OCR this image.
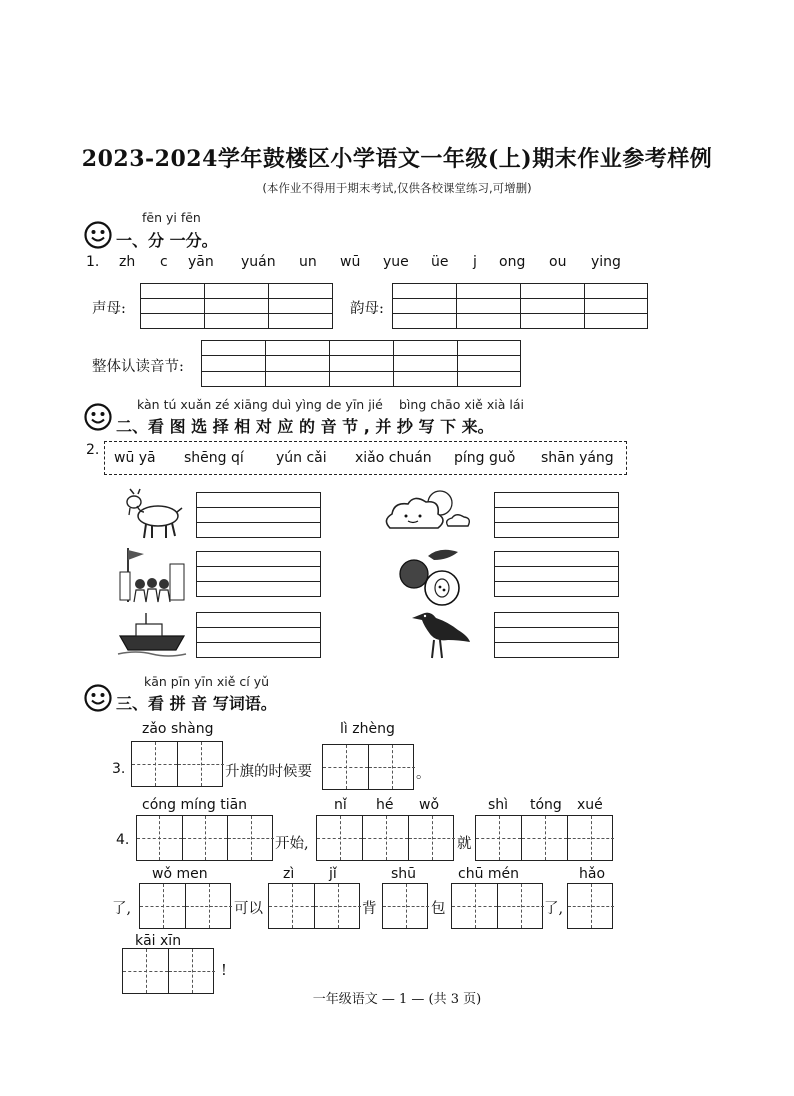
2023-2024学年鼓楼区小学语文一年级(上)期末作业参考样例
(本作业不得用于期末考试,仅供各校课堂练习,可增删)
fēn yi fēn
一、分 一分。
1. zh c yān yuán un wū yue üe j ong ou ying
声母:	韵母:
整体认读音节:
kàn tú xuǎn zé xiāng duì yìng de yīn jié bìng chāo xiě xià lái
二、看 图 选 择 相 对 应 的 音 节 , 并 抄 写 下 来。
2. wū yā shēng qí yún cǎi xiǎo chuán píng guǒ shān yáng
kān pīn yīn xiě cí yǔ
三、看 拼 音 写词语。
zǎo shàng	lì zhèng
3.	升旗的时候要	。
cóng míng tiān	nǐ hé wǒ	shì tóng xué
4.	开始,	就
wǒ men	zì jǐ	shū	chū mén	hǎo
了,	可以	背	包	了,
kāi xīn
!
一年级语文 — 1 — (共 3 页)
